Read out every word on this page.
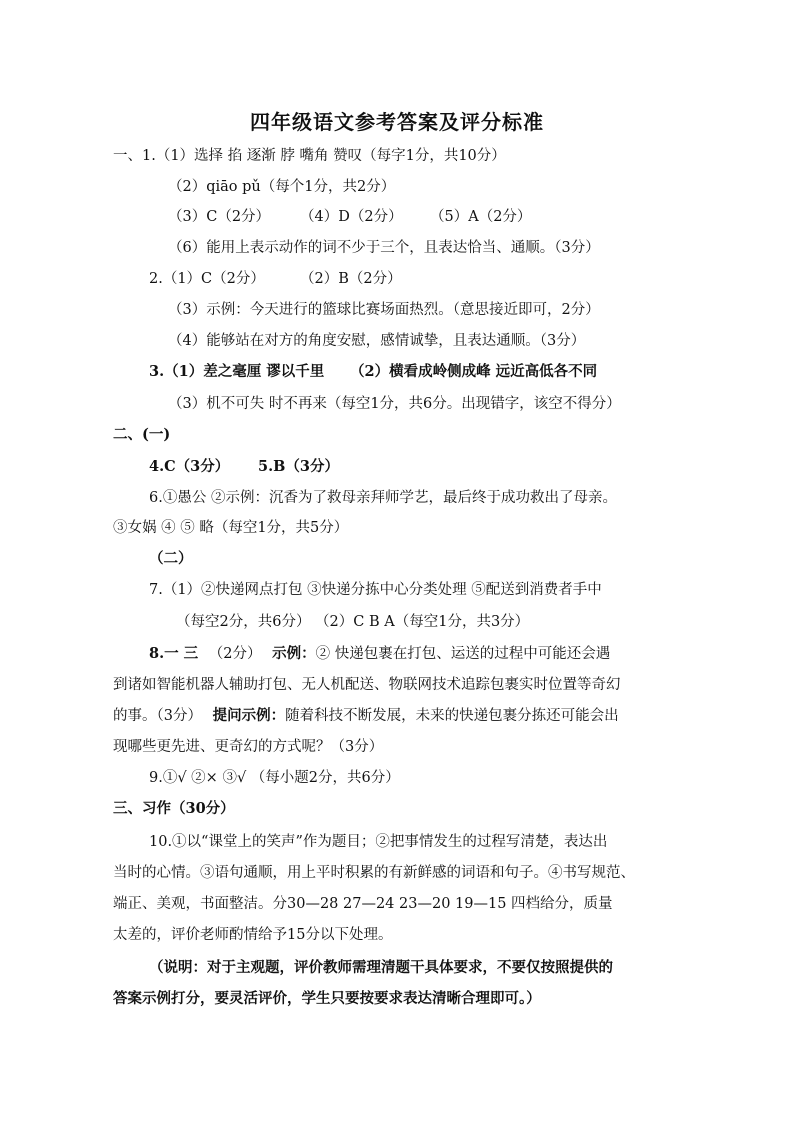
四年级语文参考答案及评分标准
一、1.（1）选择 掐 逐渐 脖 嘴角 赞叹（每字1分，共10分）
（2）qiāo pǔ（每个1分，共2分）
（3）C（2分） （4）D（2分） （5）A（2分）
（6）能用上表示动作的词不少于三个，且表达恰当、通顺。（3分）
2.（1）C（2分） （2）B（2分）
（3）示例：今天进行的篮球比赛场面热烈。（意思接近即可，2分）
（4）能够站在对方的角度安慰，感情诚挚，且表达通顺。（3分）
3.（1）差之毫厘 谬以千里 （2）横看成岭侧成峰 远近高低各不同
（3）机不可失 时不再来（每空1分，共6分。出现错字，该空不得分）
二、(一)
4.C（3分） 5.B（3分）
6.①愚公 ②示例：沉香为了救母亲拜师学艺，最后终于成功救出了母亲。
③女娲 ④ ⑤ 略（每空1分，共5分）
（二）
7.（1）②快递网点打包 ③快递分拣中心分类处理 ⑤配送到消费者手中
（每空2分，共6分） （2）C B A（每空1分，共3分）
8.一 三 （2分） 示例：② 快递包裹在打包、运送的过程中可能还会遇
到诸如智能机器人辅助打包、无人机配送、物联网技术追踪包裹实时位置等奇幻
的事。（3分） 提问示例：随着科技不断发展，未来的快递包裹分拣还可能会出
现哪些更先进、更奇幻的方式呢？（3分）
9.①√ ②× ③√ （每小题2分，共6分）
三、习作（30分）
10.①以“课堂上的笑声”作为题目；②把事情发生的过程写清楚，表达出
当时的心情。③语句通顺，用上平时积累的有新鲜感的词语和句子。④书写规范、
端正、美观，书面整洁。分30—28 27—24 23—20 19—15 四档给分，质量
太差的，评价老师酌情给予15分以下处理。
（说明：对于主观题，评价教师需理清题干具体要求，不要仅按照提供的
答案示例打分，要灵活评价，学生只要按要求表达清晰合理即可。）
